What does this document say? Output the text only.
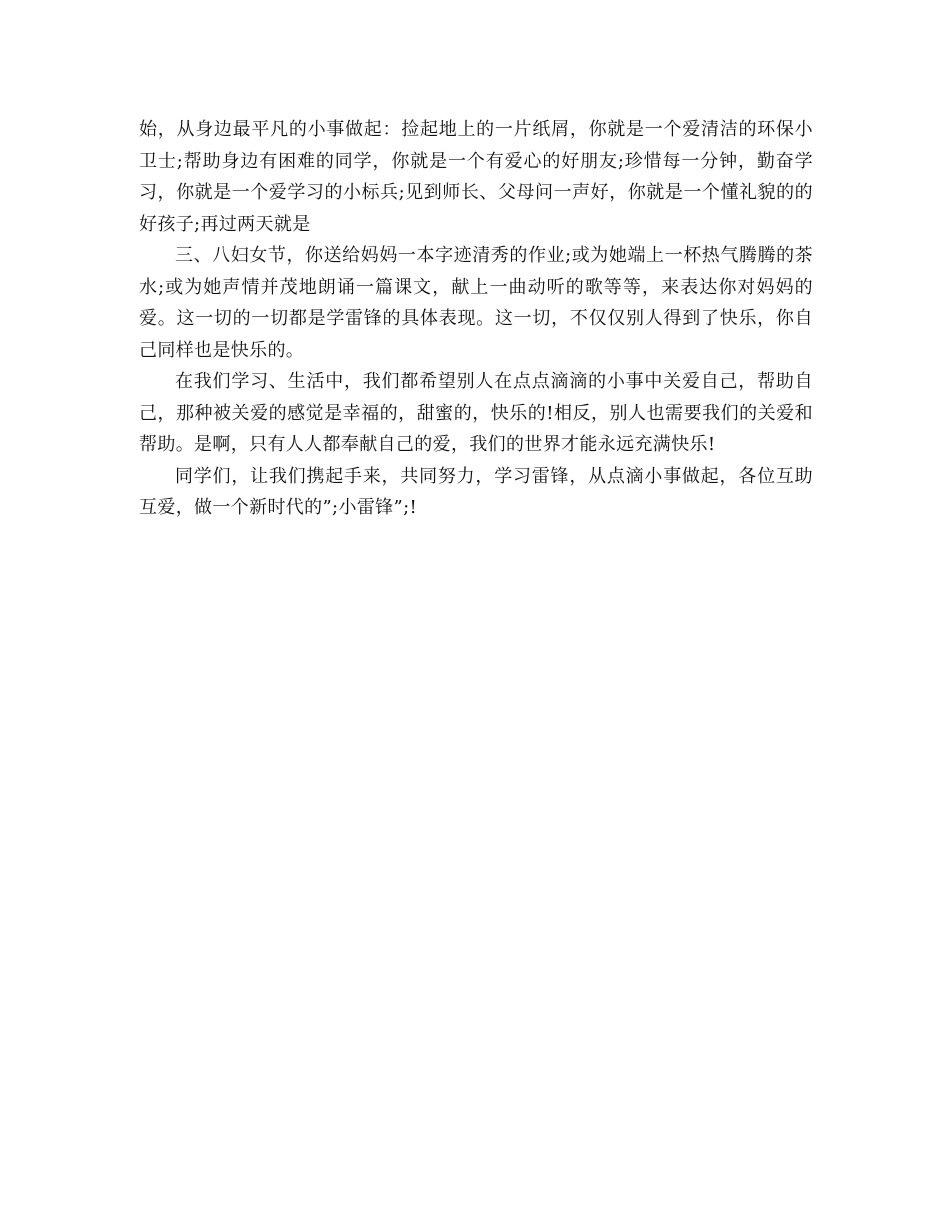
始，从身边最平凡的小事做起：捡起地上的一片纸屑，你就是一个爱清洁的环保小卫士;帮助身边有困难的同学，你就是一个有爱心的好朋友;珍惜每一分钟，勤奋学习，你就是一个爱学习的小标兵;见到师长、父母问一声好，你就是一个懂礼貌的的好孩子;再过两天就是

三、八妇女节，你送给妈妈一本字迹清秀的作业;或为她端上一杯热气腾腾的茶水;或为她声情并茂地朗诵一篇课文，献上一曲动听的歌等等，来表达你对妈妈的爱。这一切的一切都是学雷锋的具体表现。这一切，不仅仅别人得到了快乐，你自己同样也是快乐的。

在我们学习、生活中，我们都希望别人在点点滴滴的小事中关爱自己，帮助自己，那种被关爱的感觉是幸福的，甜蜜的，快乐的!相反，别人也需要我们的关爱和帮助。是啊，只有人人都奉献自己的爱，我们的世界才能永远充满快乐!

同学们，让我们携起手来，共同努力，学习雷锋，从点滴小事做起，各位互助互爱，做一个新时代的”;小雷锋”;!
